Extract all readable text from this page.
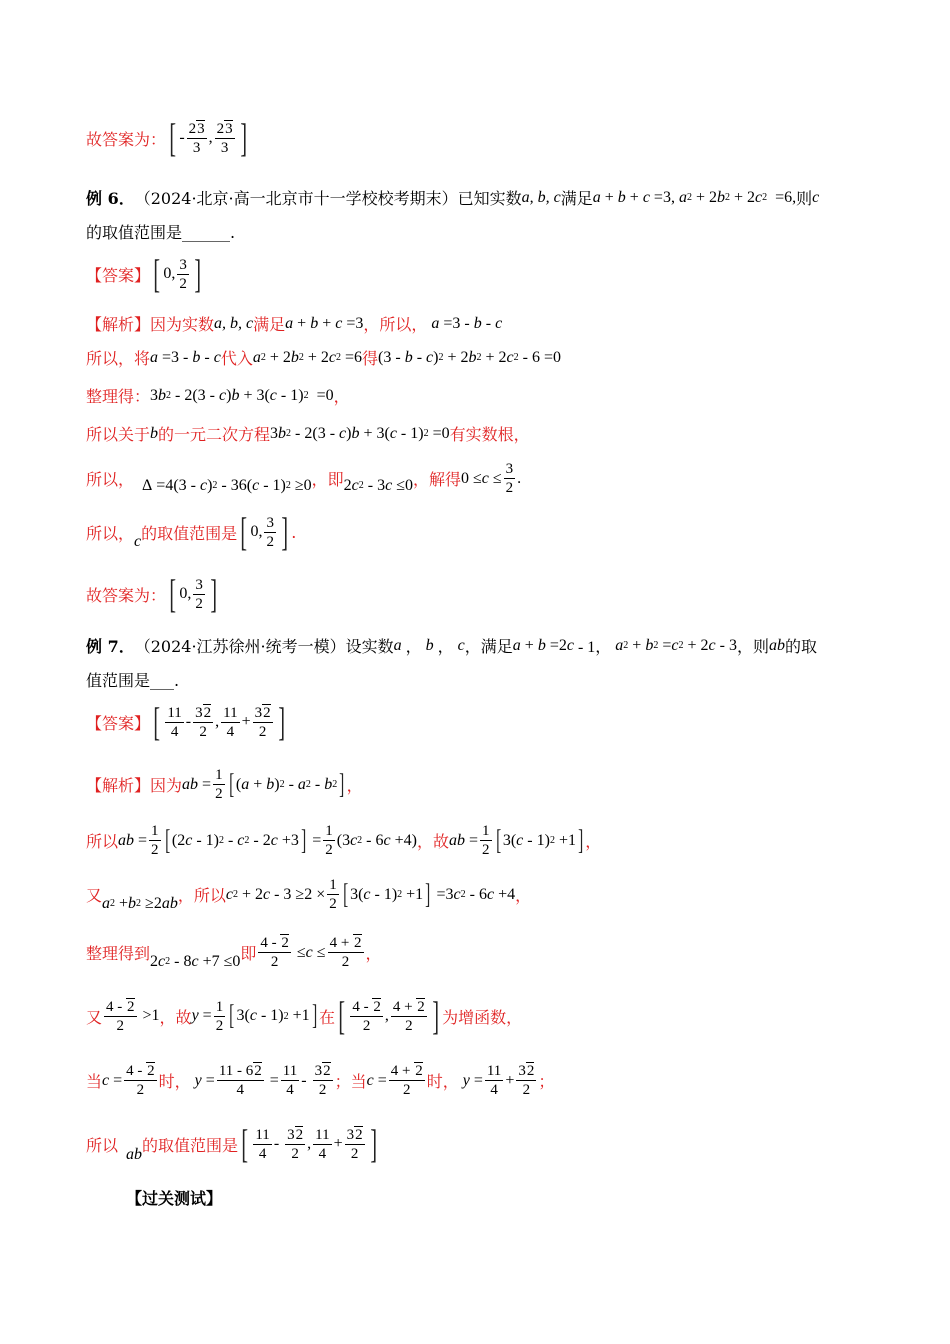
故答案为： [ - $\frac{23}{3}$ , $\frac{23}{3}$ ]
例 6． （2024·北京·高一北京市十一学校校考期末）已知实数 a, b, c 满足 a + b + c =3, a 2 + 2 b 2 + 2 c 2 =6, 则 c
的取值范围是______.
【答案】 [ 0, $\frac{3}{2}$ ]
【解析】 因为实数 a, b, c 满足 a + b + c =3 ，所以，
a =3 - b - c
所以，将 a =3 - b - c 代入 a 2 + 2 b 2 + 2 c 2 =6 得 (3 - b - c ) 2 + 2 b 2 + 2 c 2 - 6 =0
整理得： 3 b 2 - 2(3 - c ) b + 3( c - 1) 2 =0 ，
所以关于 b 的一元二次方程 3 b 2 - 2(3 - c ) b + 3( c - 1) 2 =0 有实数根，
所以， Δ =4(3 - c ) 2 - 36( c - 1) 2 ≥0 ，即 2 c 2 - 3 c ≤0 ，解得 $0 \le c \le \frac{3}{2}$ .
所以， c 的取值范围是 [ 0, $\frac{3}{2}$ ] .
故答案为： [ 0, $\frac{3}{2}$ ]
例 7． （2024·江苏徐州·统考一模）设实数 a ， b ， c ，满足 a + b =2 c - 1， a 2 + b 2 = c 2 + 2 c - 3 ，则 ab 的取
值范围是___.
【答案】 [ $\frac{11}{4} - \frac{32}{2}$ , $\frac{11}{4} + \frac{32}{2}$ ]
【解析】 因为 ab = $\frac{1}{2}$ [ ( a + b ) 2 - a 2 - b 2 ] ，
所以 ab = $\frac{1}{2}$ [ (2 c - 1) 2 - c 2 - 2 c +3 ] = $\frac{1}{2} (3$ c 2 - 6 c +4) ，故 ab = $\frac{1}{2}$ [ 3( c - 1) 2 +1 ] ，
又 a 2 + b 2 ≥2 ab ，所以 c 2 + 2 $c - 3 \ge 2 \times \frac{1}{2}$ [ 3( c - 1) 2 +1 ] =3 c 2 - 6 c +4 ，
整理得到 2 c 2 - 8 c +7 ≤0 即 $\frac{4 - 2}{2} \le c \le \frac{4 + 2}{2}$ ，
又 $\frac{4 - 2}{2} >1$ ，故 $y = \frac{1}{2}$ [ 3( c - 1) 2 +1 ] 在 [ $\frac{4 - 2}{2}$ , $\frac{4 + 2}{2}$ ] 为增函数，
当 $c = \frac{4 - 2}{2}$ 时，
$y = \frac{11 - 62}{4} = \frac{11}{4} - \frac{32}{2}$ ；当 $c = \frac{4 + 2}{2}$ 时，
$y = \frac{11}{4} + \frac{32}{2}$ ；
所以
ab 的取值范围是 [ $\frac{11}{4} - \frac{32}{2}$ , $\frac{11}{4} + \frac{32}{2}$ ]
【过关测试】
